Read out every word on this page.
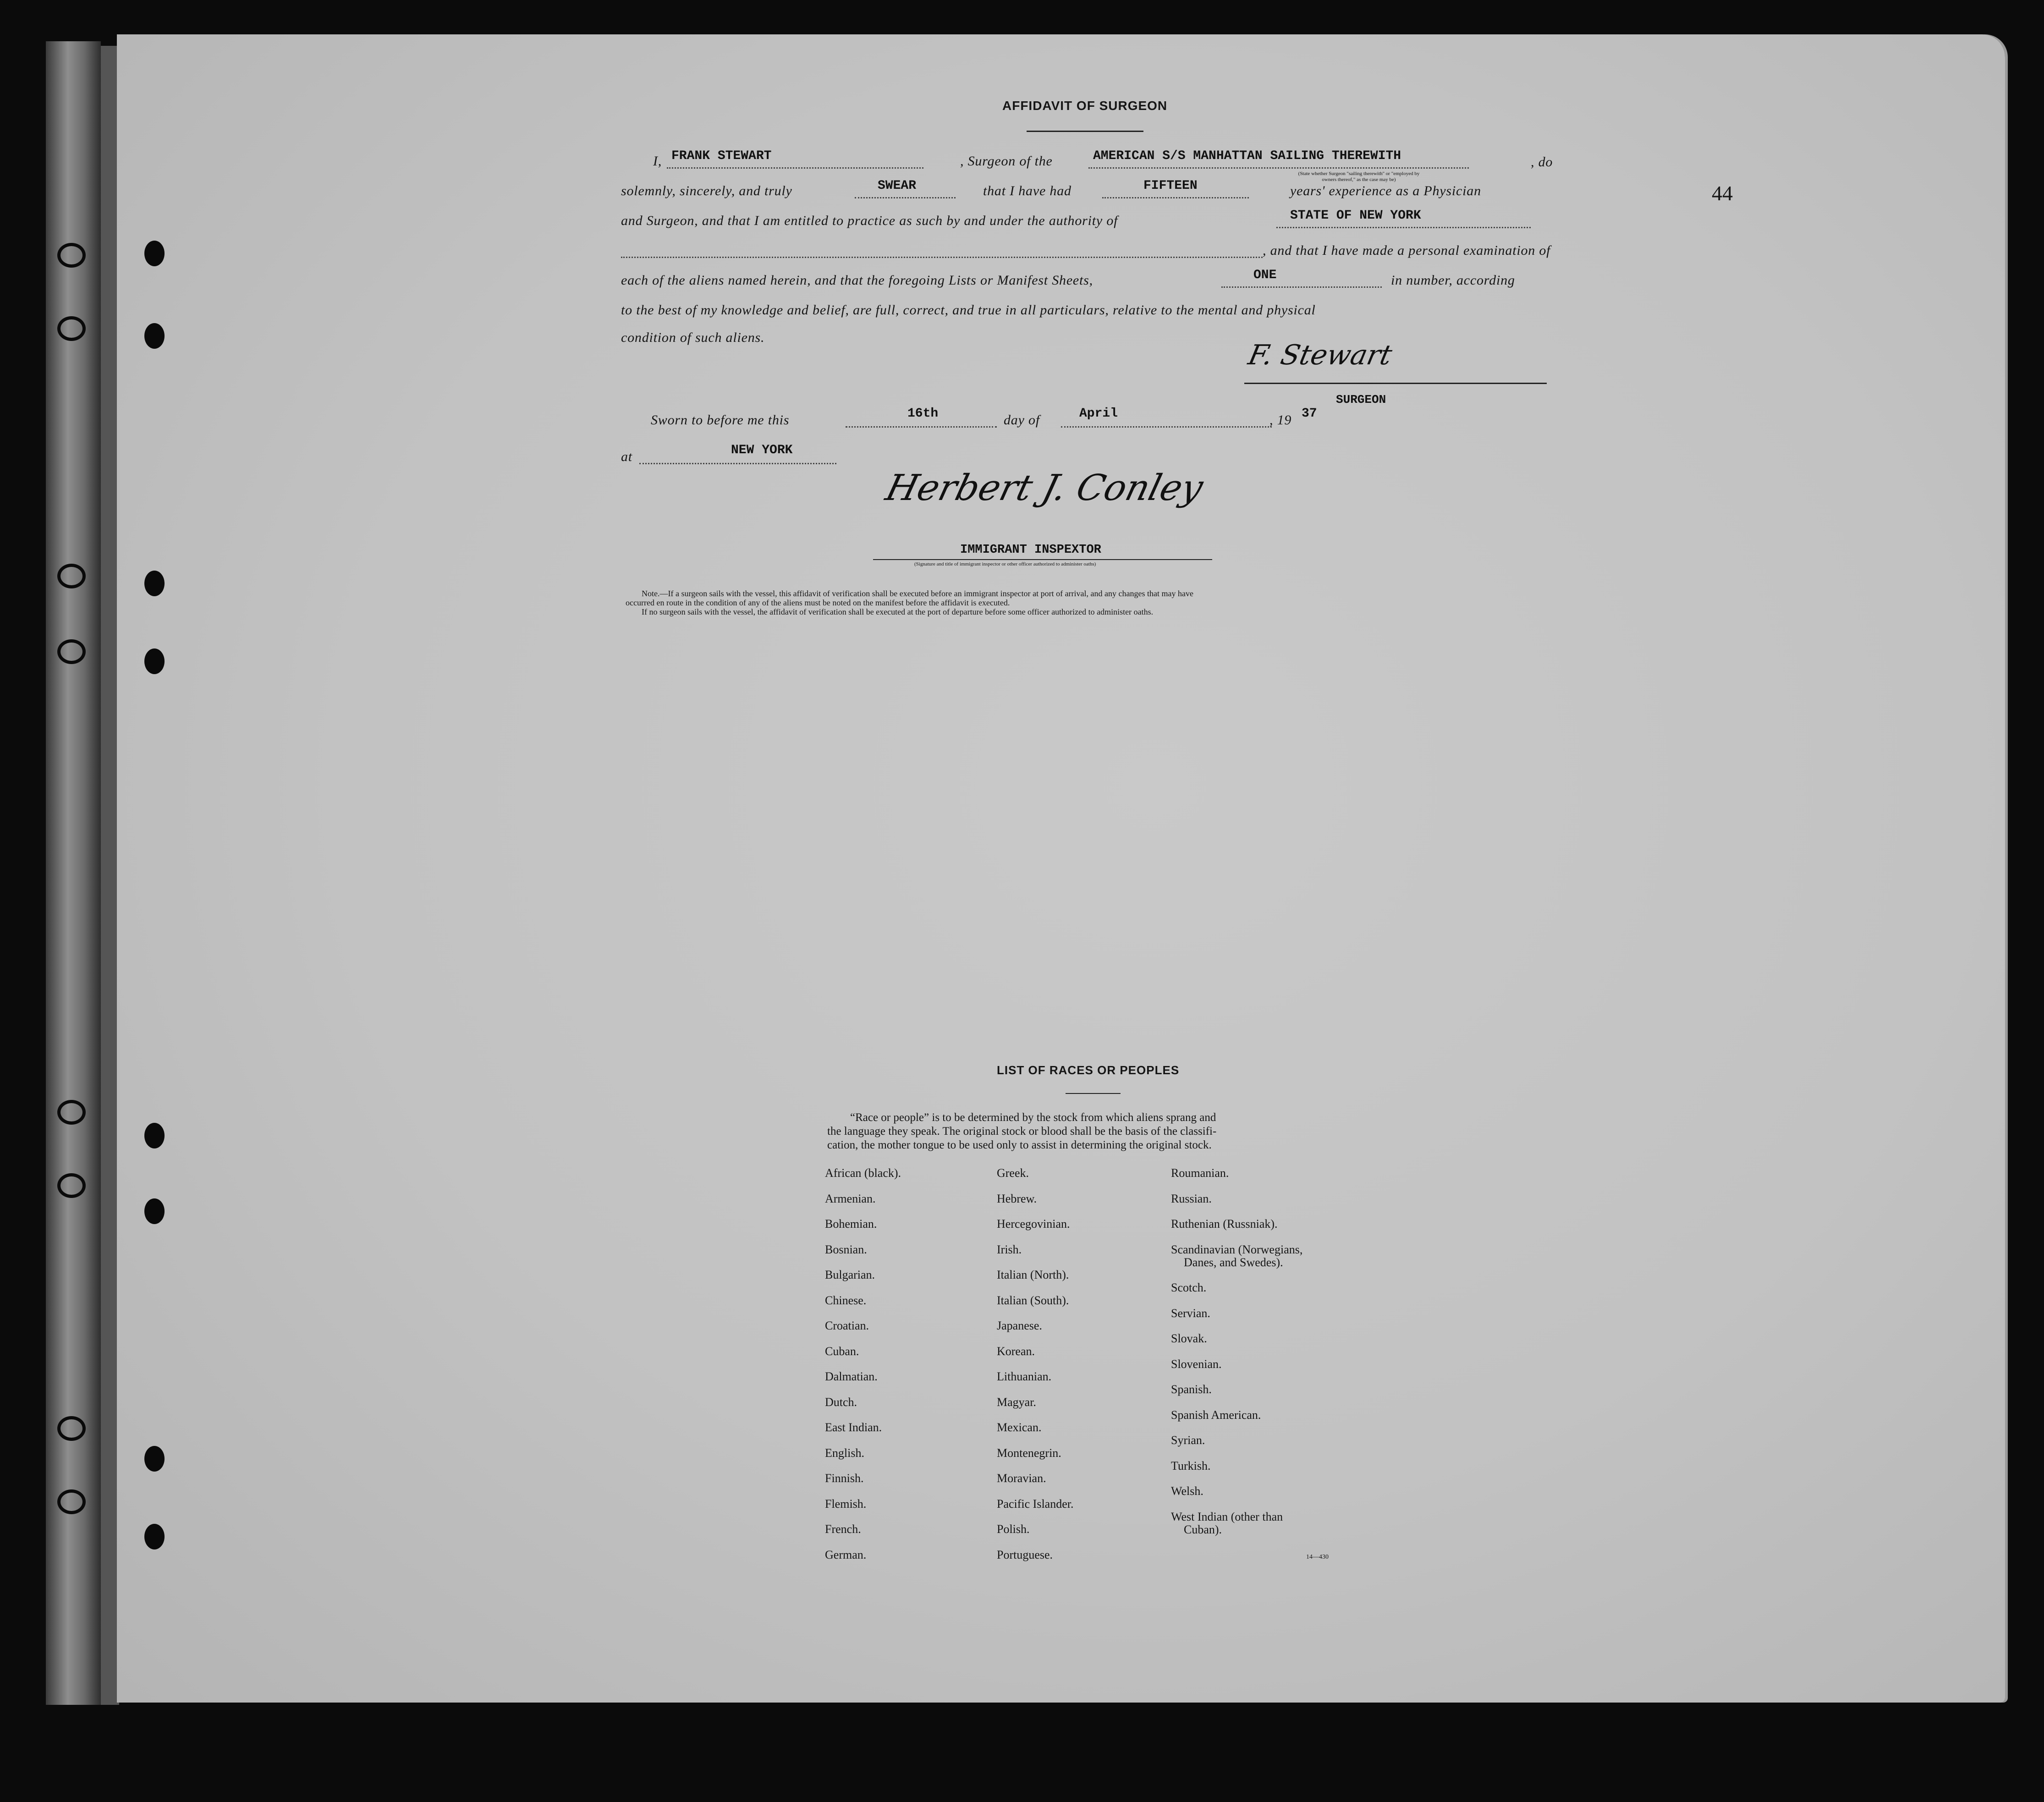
44
AFFIDAVIT OF SURGEON
I, FRANK STEWART	, Surgeon of the	AMERICAN S/S MANHATTAN SAILING THEREWITH	, do
(State whether Surgeon "sailing therewith" or "employed by owners thereof," as the case may be)
solemnly, sincerely, and truly	SWEAR	that I have had	FIFTEEN	years' experience as a Physician
and Surgeon, and that I am entitled to practice as such by and under the authority of	STATE OF NEW YORK
, and that I have made a personal examination of
each of the aliens named herein, and that the foregoing Lists or Manifest Sheets,	ONE	in number, according
to the best of my knowledge and belief, are full, correct, and true in all particulars, relative to the mental and physical
condition of such aliens.
F. Stewart
SURGEON
Sworn to before me this	16th	day of	April	, 19 37
at	NEW YORK
Herbert J. Conley
IMMIGRANT INSPEXTOR
(Signature and title of immigrant inspector or other officer authorized to administer oaths)
Note.—If a surgeon sails with the vessel, this affidavit of verification shall be executed before an immigrant inspector at port of arrival, and any changes that may have
occurred en route in the condition of any of the aliens must be noted on the manifest before the affidavit is executed.
If no surgeon sails with the vessel, the affidavit of verification shall be executed at the port of departure before some officer authorized to administer oaths.
LIST OF RACES OR PEOPLES
“Race or people” is to be determined by the stock from which aliens sprang and
the language they speak. The original stock or blood shall be the basis of the classifi-
cation, the mother tongue to be used only to assist in determining the original stock.
African (black).
Armenian.
Bohemian.
Bosnian.
Bulgarian.
Chinese.
Croatian.
Cuban.
Dalmatian.
Dutch.
East Indian.
English.
Finnish.
Flemish.
French.
German.
Greek.
Hebrew.
Hercegovinian.
Irish.
Italian (North).
Italian (South).
Japanese.
Korean.
Lithuanian.
Magyar.
Mexican.
Montenegrin.
Moravian.
Pacific Islander.
Polish.
Portuguese.
Roumanian.
Russian.
Ruthenian (Russniak).
Scandinavian (Norwegians,
Danes, and Swedes).
Scotch.
Servian.
Slovak.
Slovenian.
Spanish.
Spanish American.
Syrian.
Turkish.
Welsh.
West Indian (other than
Cuban).
14—430
